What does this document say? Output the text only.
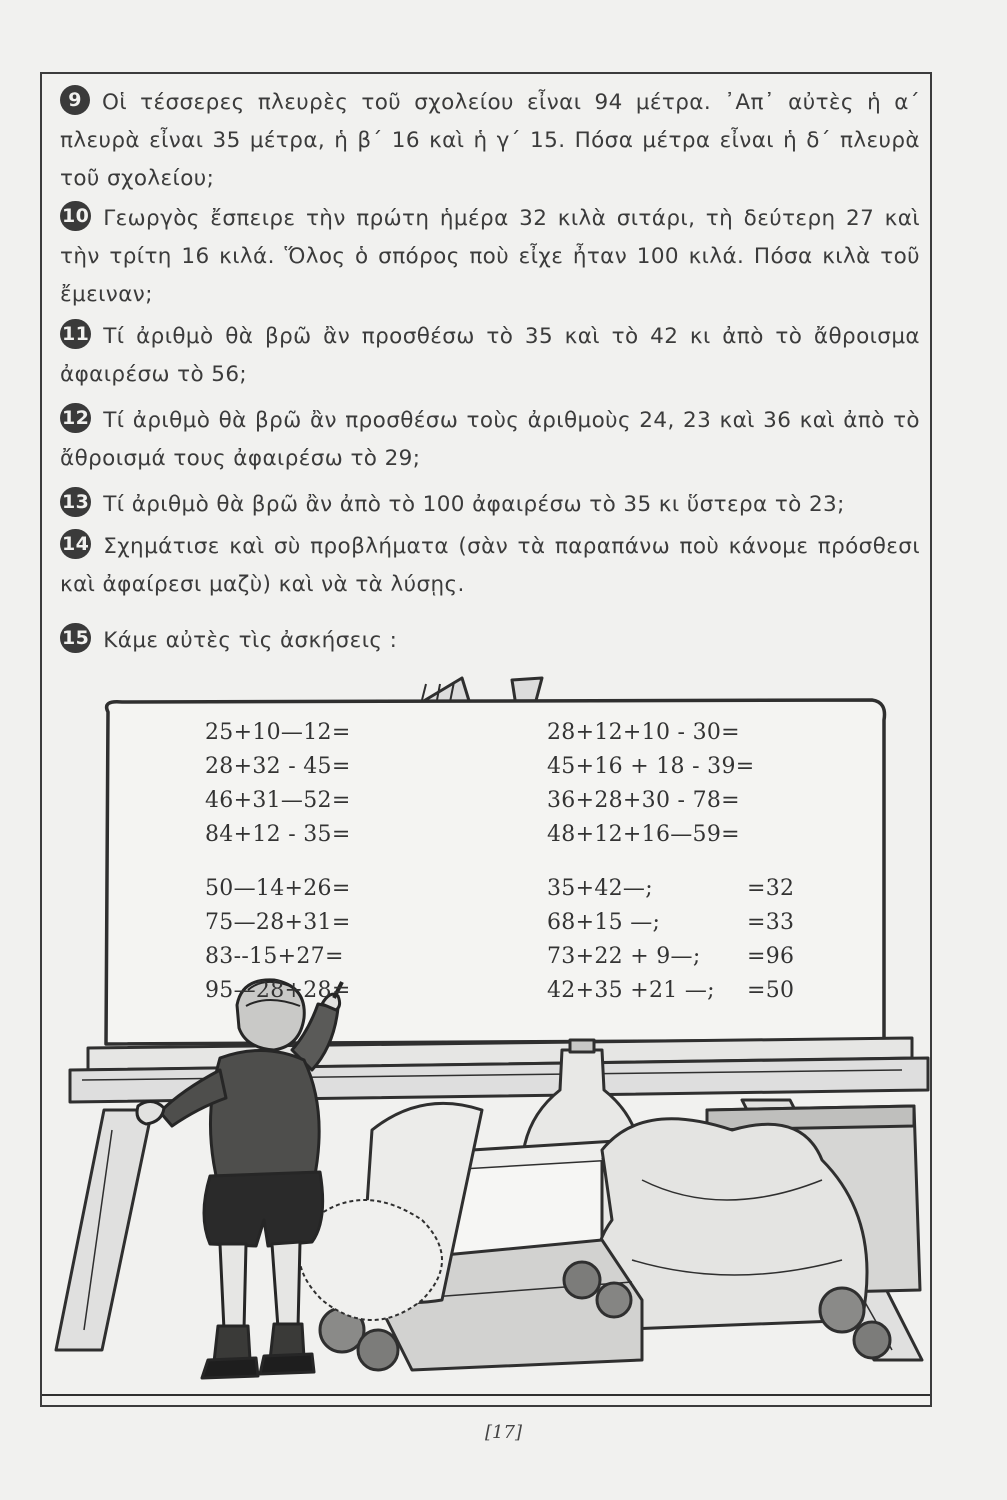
9 Οἱ τέσσερες πλευρὲς τοῦ σχολείου εἶναι 94 μέτρα. ᾿Απ᾿ αὐτὲς ἡ α΄ πλευρὰ εἶναι 35 μέτρα, ἡ β΄ 16 καὶ ἡ γ΄ 15. Πόσα μέτρα εἶναι ἡ δ΄ πλευρὰ τοῦ σχολείου;
10 Γεωργὸς ἔσπειρε τὴν πρώτη ἡμέρα 32 κιλὰ σιτάρι, τὴ δεύτερη 27 καὶ τὴν τρίτη 16 κιλά. Ὅλος ὁ σπόρος ποὺ εἶχε ἦταν 100 κιλά. Πόσα κιλὰ τοῦ ἔμειναν;
11 Τί ἀριθμὸ θὰ βρῶ ἂν προσθέσω τὸ 35 καὶ τὸ 42 κι ἀπὸ τὸ ἄθροισμα ἀφαιρέσω τὸ 56;
12 Τί ἀριθμὸ θὰ βρῶ ἂν προσθέσω τοὺς ἀριθμοὺς 24, 23 καὶ 36 καὶ ἀπὸ τὸ ἄθροισμά τους ἀφαιρέσω τὸ 29;
13 Τί ἀριθμὸ θὰ βρῶ ἂν ἀπὸ τὸ 100 ἀφαιρέσω τὸ 35 κι ὕστερα τὸ 23;
14 Σχημάτισε καὶ σὺ προβλήματα (σὰν τὰ παραπάνω ποὺ κάνομε πρόσθεσι καὶ ἀφαίρεσι μαζὺ) καὶ νὰ τὰ λύσῃς.
15 Κάμε αὐτὲς τὶς ἀσκήσεις :
25+10—12=
28+32 - 45=
46+31—52=
84+12 - 35=
50—14+26=
75—28+31=
83--15+27=
95—28+28=
28+12+10 - 30=
45+16 + 18 - 39=
36+28+30 - 78=
48+12+16—59=
35+42—;
68+15 —;
73+22 + 9—;
42+35 +21 —;
=32
=33
=96
=50
[17]
